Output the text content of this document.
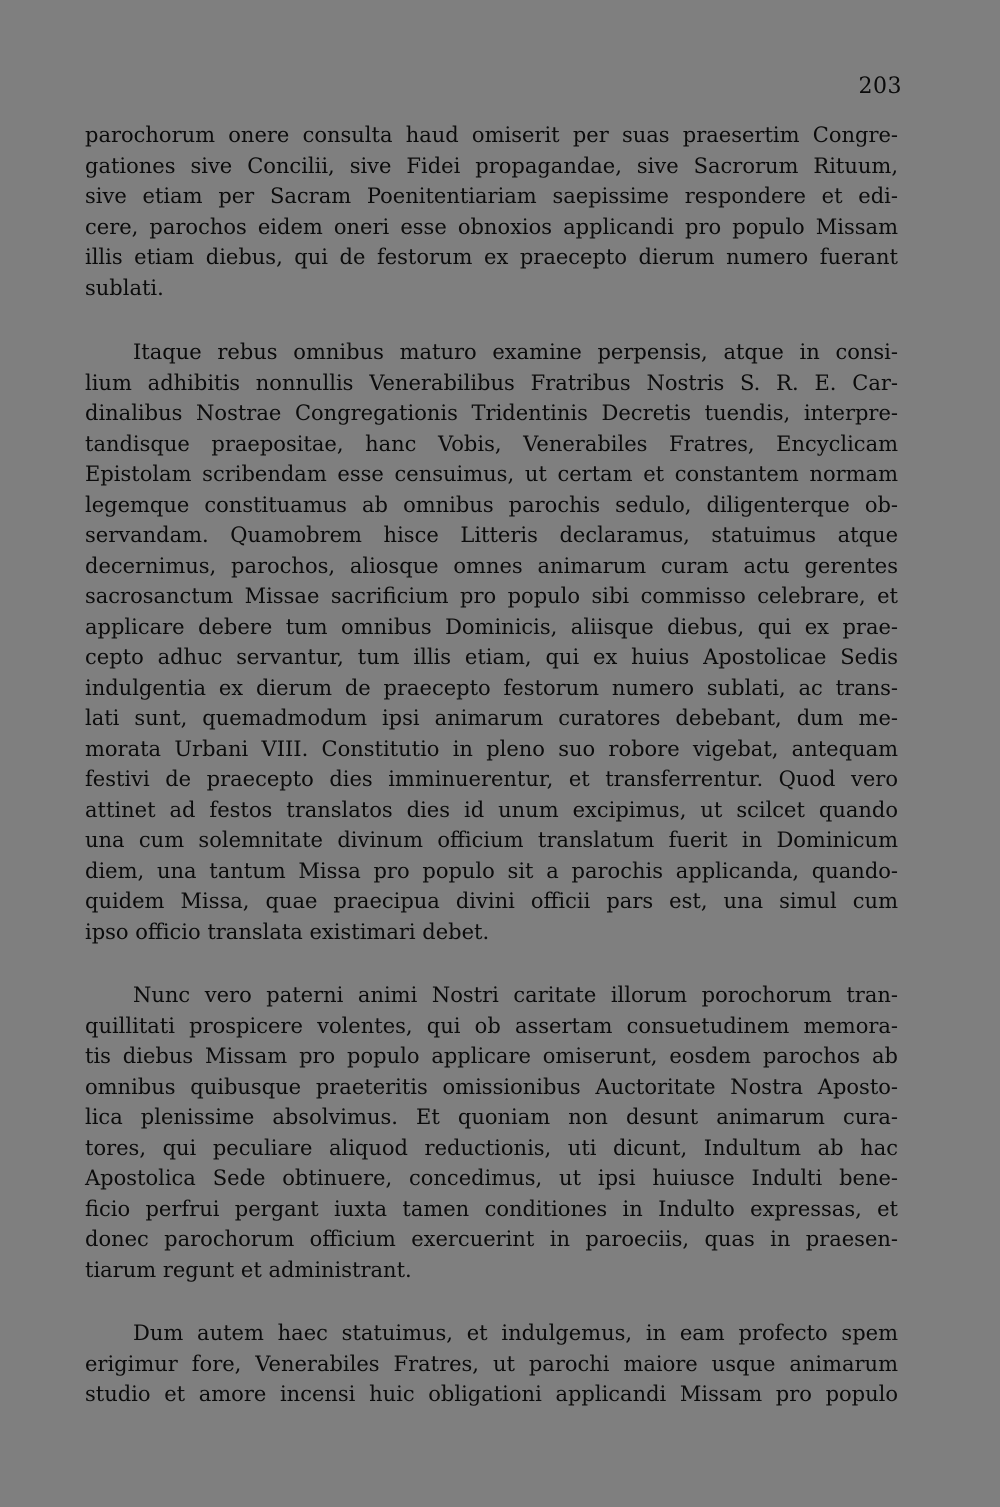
203
parochorum onere consulta haud omiserit per suas praesertim Congre-
gationes sive Concilii, sive Fidei propagandae, sive Sacrorum Rituum,
sive etiam per Sacram Poenitentiariam saepissime respondere et edi-
cere, parochos eidem oneri esse obnoxios applicandi pro populo Missam
illis etiam diebus, qui de festorum ex praecepto dierum numero fuerant
sublati.
Itaque rebus omnibus maturo examine perpensis, atque in consi-
lium adhibitis nonnullis Venerabilibus Fratribus Nostris S. R. E. Car-
dinalibus Nostrae Congregationis Tridentinis Decretis tuendis, interpre-
tandisque praepositae, hanc Vobis, Venerabiles Fratres, Encyclicam
Epistolam scribendam esse censuimus, ut certam et constantem normam
legemque constituamus ab omnibus parochis sedulo, diligenterque ob-
servandam. Quamobrem hisce Litteris declaramus, statuimus atque
decernimus, parochos, aliosque omnes animarum curam actu gerentes
sacrosanctum Missae sacrificium pro populo sibi commisso celebrare, et
applicare debere tum omnibus Dominicis, aliisque diebus, qui ex prae-
cepto adhuc servantur, tum illis etiam, qui ex huius Apostolicae Sedis
indulgentia ex dierum de praecepto festorum numero sublati, ac trans-
lati sunt, quemadmodum ipsi animarum curatores debebant, dum me-
morata Urbani VIII. Constitutio in pleno suo robore vigebat, antequam
festivi de praecepto dies imminuerentur, et transferrentur. Quod vero
attinet ad festos translatos dies id unum excipimus, ut scilcet quando
una cum solemnitate divinum officium translatum fuerit in Dominicum
diem, una tantum Missa pro populo sit a parochis applicanda, quando-
quidem Missa, quae praecipua divini officii pars est, una simul cum
ipso officio translata existimari debet.
Nunc vero paterni animi Nostri caritate illorum porochorum tran-
quillitati prospicere volentes, qui ob assertam consuetudinem memora-
tis diebus Missam pro populo applicare omiserunt, eosdem parochos ab
omnibus quibusque praeteritis omissionibus Auctoritate Nostra Aposto-
lica plenissime absolvimus. Et quoniam non desunt animarum cura-
tores, qui peculiare aliquod reductionis, uti dicunt, Indultum ab hac
Apostolica Sede obtinuere, concedimus, ut ipsi huiusce Indulti bene-
ficio perfrui pergant iuxta tamen conditiones in Indulto expressas, et
donec parochorum officium exercuerint in paroeciis, quas in praesen-
tiarum regunt et administrant.
Dum autem haec statuimus, et indulgemus, in eam profecto spem
erigimur fore, Venerabiles Fratres, ut parochi maiore usque animarum
studio et amore incensi huic obligationi applicandi Missam pro populo
